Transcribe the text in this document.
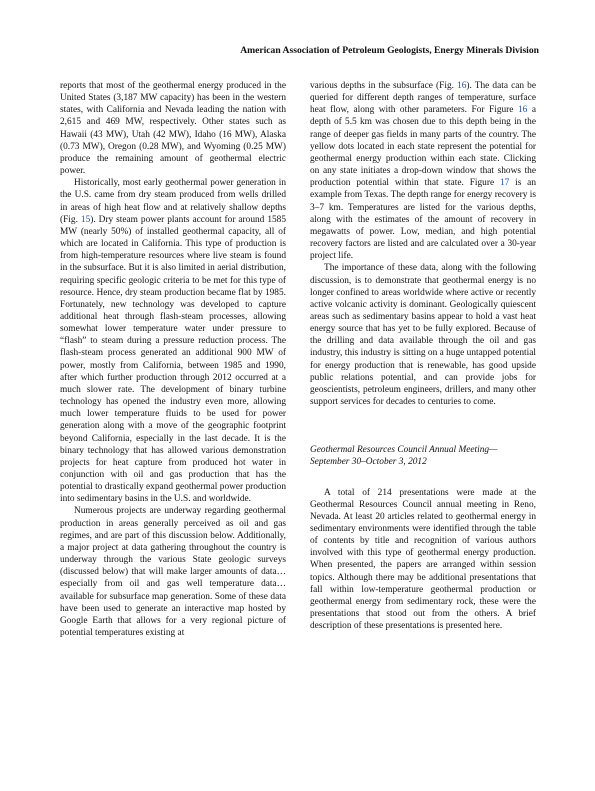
American Association of Petroleum Geologists, Energy Minerals Division

reports that most of the geothermal energy produced in the United States (3,187 MW capacity) has been in the western states, with California and Nevada leading the nation with 2,615 and 469 MW, respectively. Other states such as Hawaii (43 MW), Utah (42 MW), Idaho (16 MW), Alaska (0.73 MW), Oregon (0.28 MW), and Wyoming (0.25 MW) produce the remaining amount of geothermal electric power.

Historically, most early geothermal power generation in the U.S. came from dry steam produced from wells drilled in areas of high heat flow and at relatively shallow depths (Fig. 15). Dry steam power plants account for around 1585 MW (nearly 50%) of installed geothermal capacity, all of which are located in California. This type of production is from high-temperature resources where live steam is found in the subsurface. But it is also limited in aerial distribution, requiring specific geologic criteria to be met for this type of resource. Hence, dry steam production became flat by 1985. Fortunately, new technology was developed to capture additional heat through flash-steam processes, allowing somewhat lower temperature water under pressure to “flash” to steam during a pressure reduction process. The flash-steam process generated an additional 900 MW of power, mostly from California, between 1985 and 1990, after which further production through 2012 occurred at a much slower rate. The development of binary turbine technology has opened the industry even more, allowing much lower temperature fluids to be used for power generation along with a move of the geographic footprint beyond California, especially in the last decade. It is the binary technology that has allowed various demonstration projects for heat capture from produced hot water in conjunction with oil and gas production that has the potential to drastically expand geothermal power production into sedimentary basins in the U.S. and worldwide.

Numerous projects are underway regarding geothermal production in areas generally perceived as oil and gas regimes, and are part of this discussion below. Additionally, a major project at data gathering throughout the country is underway through the various State geologic surveys (discussed below) that will make larger amounts of data…especially from oil and gas well temperature data…available for subsurface map generation. Some of these data have been used to generate an interactive map hosted by Google Earth that allows for a very regional picture of potential temperatures existing at

various depths in the subsurface (Fig. 16). The data can be queried for different depth ranges of temperature, surface heat flow, along with other parameters. For Figure 16 a depth of 5.5 km was chosen due to this depth being in the range of deeper gas fields in many parts of the country. The yellow dots located in each state represent the potential for geothermal energy production within each state. Clicking on any state initiates a drop-down window that shows the production potential within that state. Figure 17 is an example from Texas. The depth range for energy recovery is 3–7 km. Temperatures are listed for the various depths, along with the estimates of the amount of recovery in megawatts of power. Low, median, and high potential recovery factors are listed and are calculated over a 30-year project life.

The importance of these data, along with the following discussion, is to demonstrate that geothermal energy is no longer confined to areas worldwide where active or recently active volcanic activity is dominant. Geologically quiescent areas such as sedimentary basins appear to hold a vast heat energy source that has yet to be fully explored. Because of the drilling and data available through the oil and gas industry, this industry is sitting on a huge untapped potential for energy production that is renewable, has good upside public relations potential, and can provide jobs for geoscientists, petroleum engineers, drillers, and many other support services for decades to centuries to come.

Geothermal Resources Council Annual Meeting—September 30–October 3, 2012

A total of 214 presentations were made at the Geothermal Resources Council annual meeting in Reno, Nevada. At least 20 articles related to geothermal energy in sedimentary environments were identified through the table of contents by title and recognition of various authors involved with this type of geothermal energy production. When presented, the papers are arranged within session topics. Although there may be additional presentations that fall within low-temperature geothermal production or geothermal energy from sedimentary rock, these were the presentations that stood out from the others. A brief description of these presentations is presented here.
